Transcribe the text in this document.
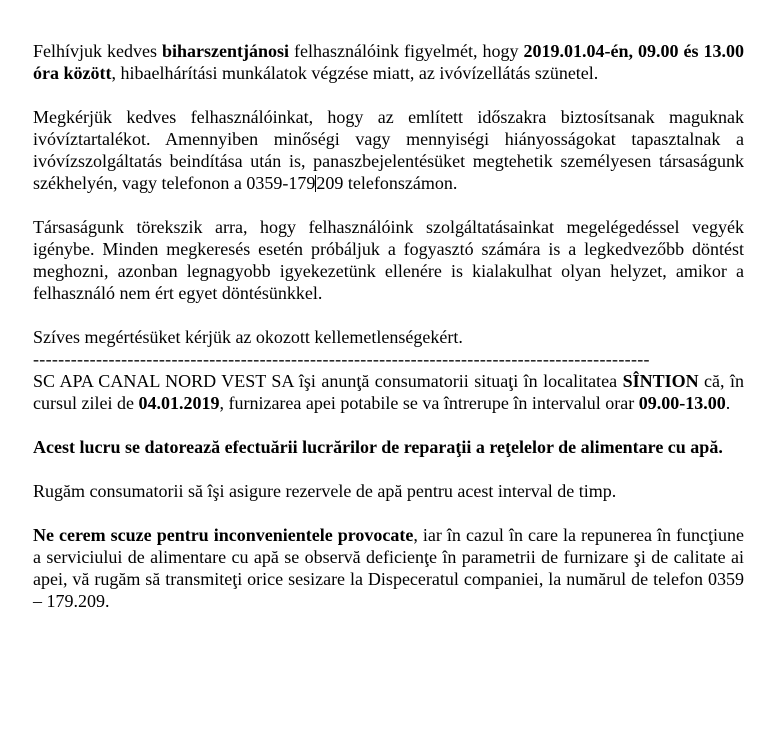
Felhívjuk kedves biharszentjánosi felhasználóink figyelmét, hogy 2019.01.04-én, 09.00 és 13.00 óra között, hibaelhárítási munkálatok végzése miatt, az ivóvízellátás szünetel.

Megkérjük kedves felhasználóinkat, hogy az említett időszakra biztosítsanak maguknak ivóvíztartalékot. Amennyiben minőségi vagy mennyiségi hiányosságokat tapasztalnak a ivóvízszolgáltatás beindítása után is, panaszbejelentésüket megtehetik személyesen társaságunk székhelyén, vagy telefonon a 0359-179209 telefonszámon.

Társaságunk törekszik arra, hogy felhasználóink szolgáltatásainkat megelégedéssel vegyék igénybe. Minden megkeresés esetén próbáljuk a fogyasztó számára is a legkedvezőbb döntést meghozni, azonban legnagyobb igyekezetünk ellenére is kialakulhat olyan helyzet, amikor a felhasználó nem ért egyet döntésünkkel.

Szíves megértésüket kérjük az okozott kellemetlenségekért.

--------------------------------------------------------------------------------------------------

SC APA CANAL NORD VEST SA îşi anunţă consumatorii situaţi în localitatea SÎNTION că, în cursul zilei de 04.01.2019, furnizarea apei potabile se va întrerupe în intervalul orar 09.00-13.00.

Acest lucru se datorează efectuării lucrărilor de reparaţii a reţelelor de alimentare cu apă.

Rugăm consumatorii să îşi asigure rezervele de apă pentru acest interval de timp.

Ne cerem scuze pentru inconvenientele provocate, iar în cazul în care la repunerea în funcţiune a serviciului de alimentare cu apă se observă deficienţe în parametrii de furnizare şi de calitate ai apei, vă rugăm să transmiteţi orice sesizare la Dispeceratul companiei, la numărul de telefon 0359 – 179.209.
